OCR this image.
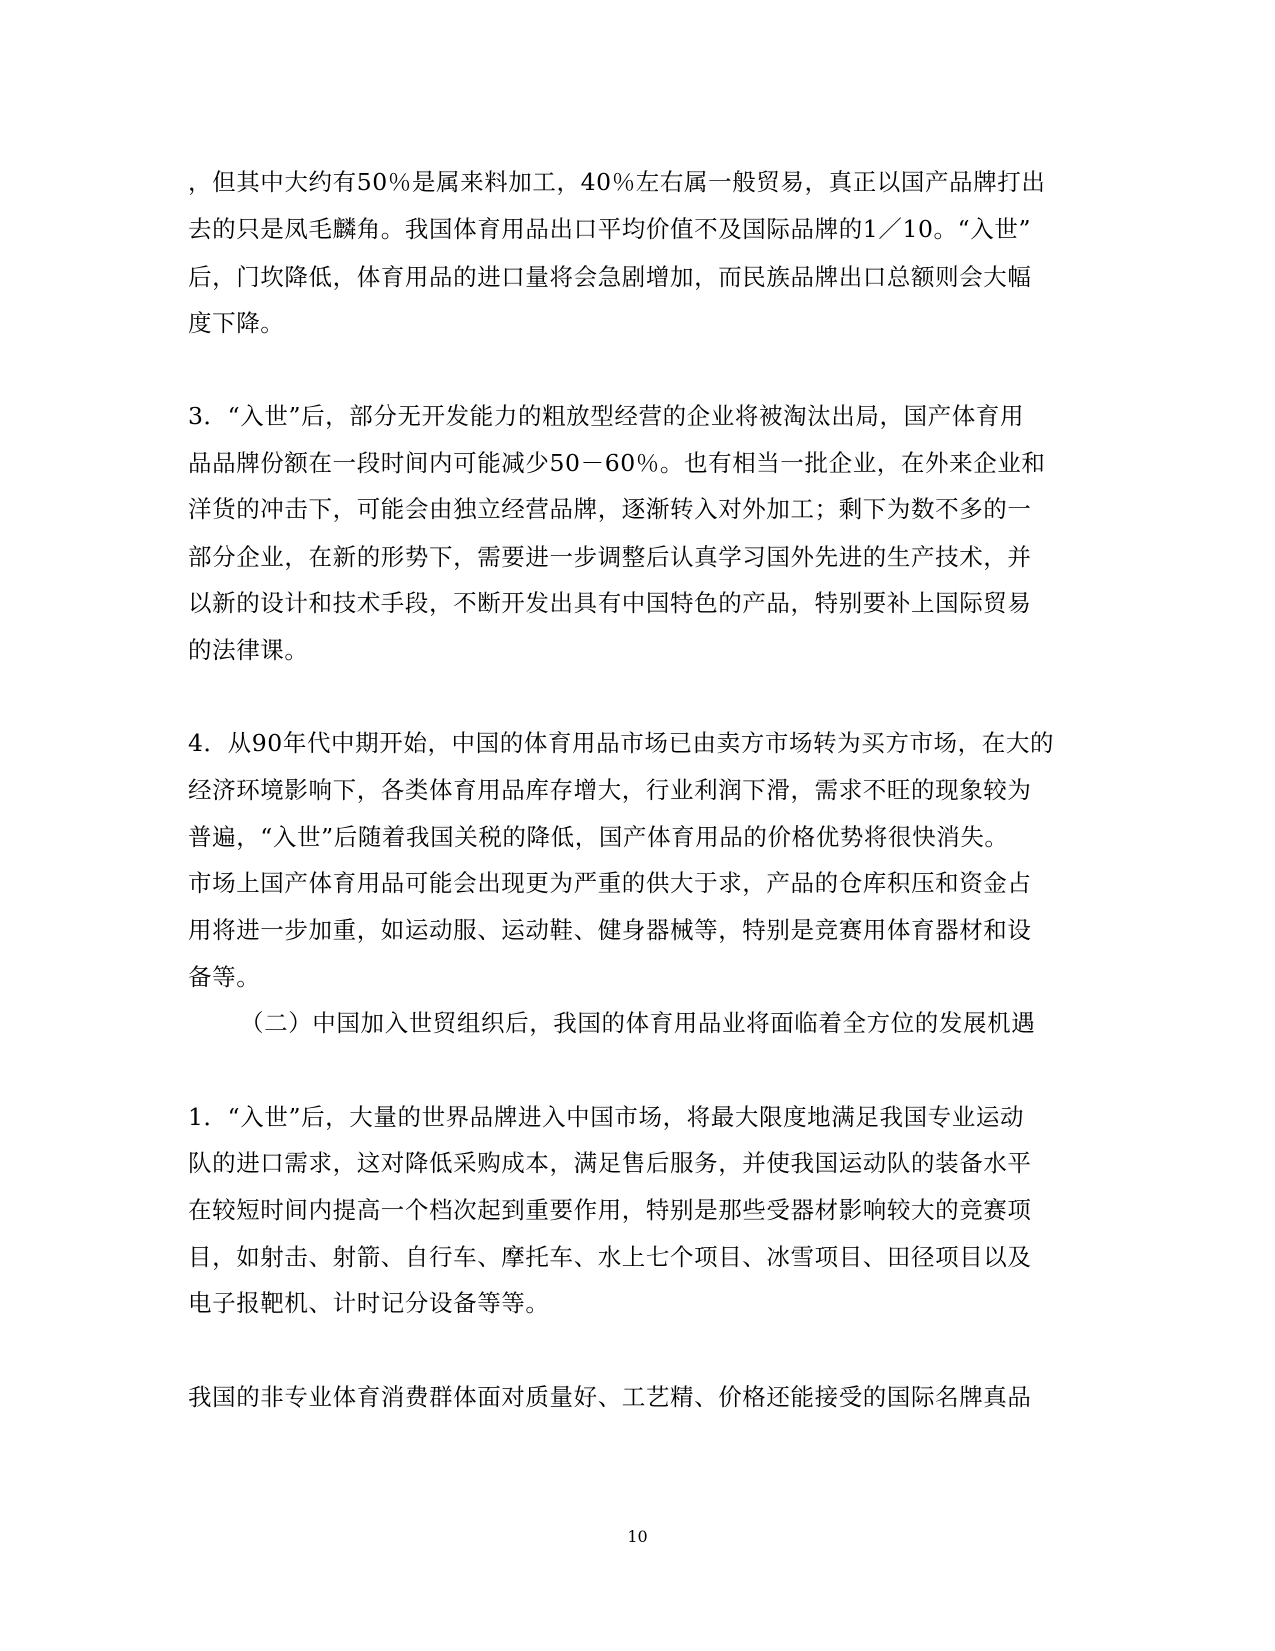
，但其中大约有50％是属来料加工，40％左右属一般贸易，真正以国产品牌打出
去的只是凤毛麟角。我国体育用品出口平均价值不及国际品牌的1／10。“入世”
后，门坎降低，体育用品的进口量将会急剧增加，而民族品牌出口总额则会大幅
度下降。
3．“入世”后，部分无开发能力的粗放型经营的企业将被淘汰出局，国产体育用
品品牌份额在一段时间内可能减少50－60％。也有相当一批企业，在外来企业和
洋货的冲击下，可能会由独立经营品牌，逐渐转入对外加工；剩下为数不多的一
部分企业，在新的形势下，需要进一步调整后认真学习国外先进的生产技术，并
以新的设计和技术手段，不断开发出具有中国特色的产品，特别要补上国际贸易
的法律课。
4．从90年代中期开始，中国的体育用品市场已由卖方市场转为买方市场，在大的
经济环境影响下，各类体育用品库存增大，行业利润下滑，需求不旺的现象较为
普遍，“入世”后随着我国关税的降低，国产体育用品的价格优势将很快消失。
市场上国产体育用品可能会出现更为严重的供大于求，产品的仓库积压和资金占
用将进一步加重，如运动服、运动鞋、健身器械等，特别是竞赛用体育器材和设
备等。
（二）中国加入世贸组织后，我国的体育用品业将面临着全方位的发展机遇
1．“入世”后，大量的世界品牌进入中国市场，将最大限度地满足我国专业运动
队的进口需求，这对降低采购成本，满足售后服务，并使我国运动队的装备水平
在较短时间内提高一个档次起到重要作用，特别是那些受器材影响较大的竞赛项
目，如射击、射箭、自行车、摩托车、水上七个项目、冰雪项目、田径项目以及
电子报靶机、计时记分设备等等。
我国的非专业体育消费群体面对质量好、工艺精、价格还能接受的国际名牌真品
10
